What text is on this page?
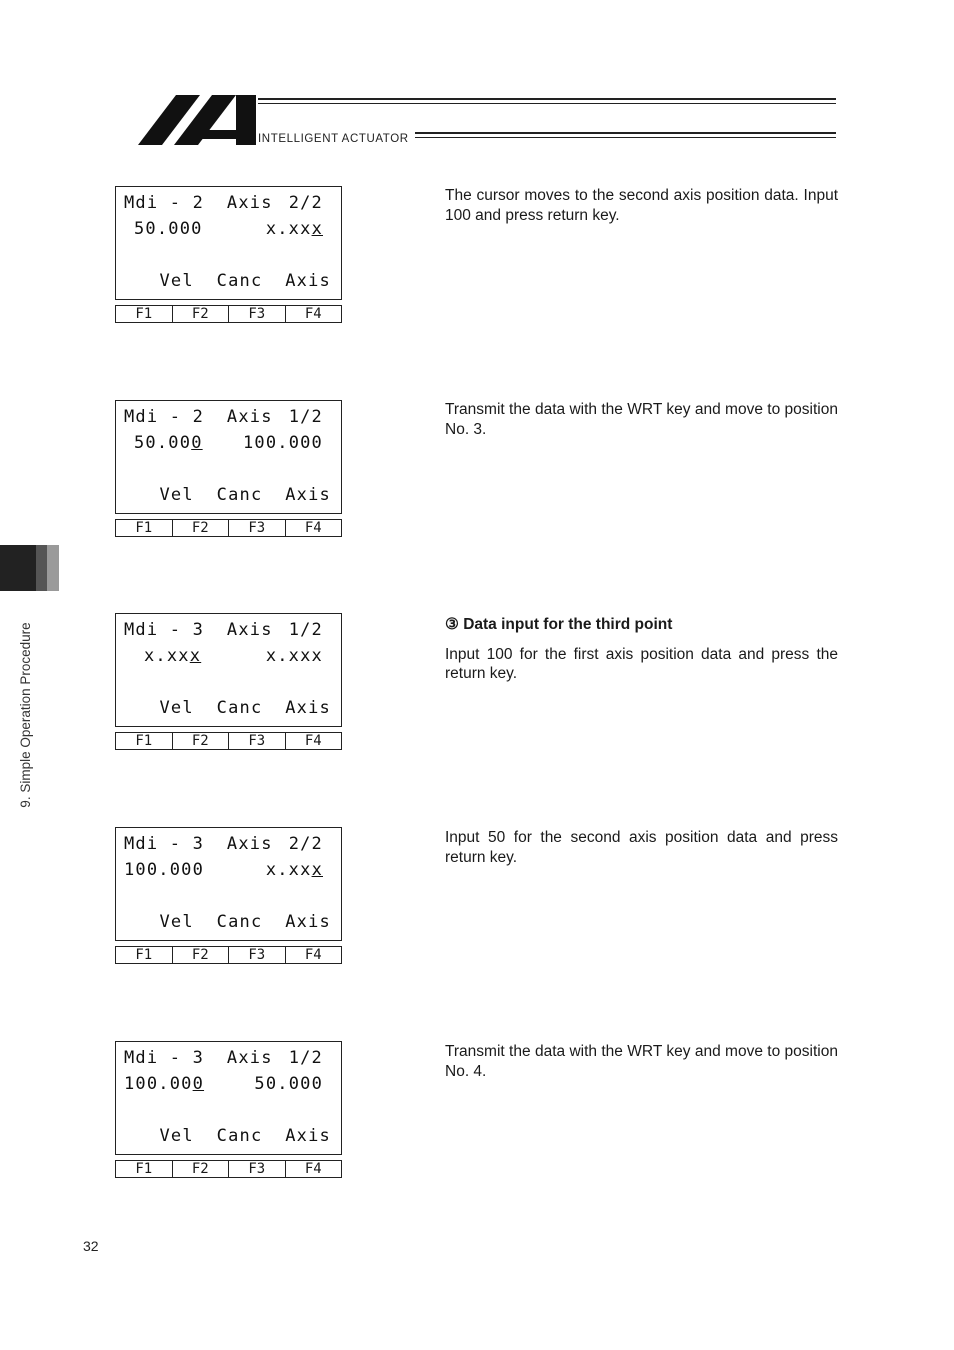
INTELLIGENT ACTUATOR
9. Simple Operation Procedure
Mdi - 2  Axis 2/2
50.000	x.xxx
Vel  Canc  Axis
F1	F2	F3	F4

The cursor moves to the second axis position data. Input 100 and press return key.

Mdi - 2  Axis 1/2
50.000 100.000
Vel  Canc  Axis
F1	F2	F3	F4

Transmit the data with the WRT key and move to position No. 3.

Mdi - 3  Axis 1/2
x.xxx	x.xxx
Vel  Canc  Axis
F1	F2	F3	F4

③ Data input for the third point

Input 100 for the first axis position data and press the return key.

Mdi - 3  Axis 2/2
100.000	x.xxx
Vel  Canc  Axis
F1	F2	F3	F4

Input 50 for the second axis position data and press return key.

Mdi - 3  Axis 1/2
100.000	50.000
Vel  Canc  Axis
F1	F2	F3	F4

Transmit the data with the WRT key and move to position No. 4.

32
